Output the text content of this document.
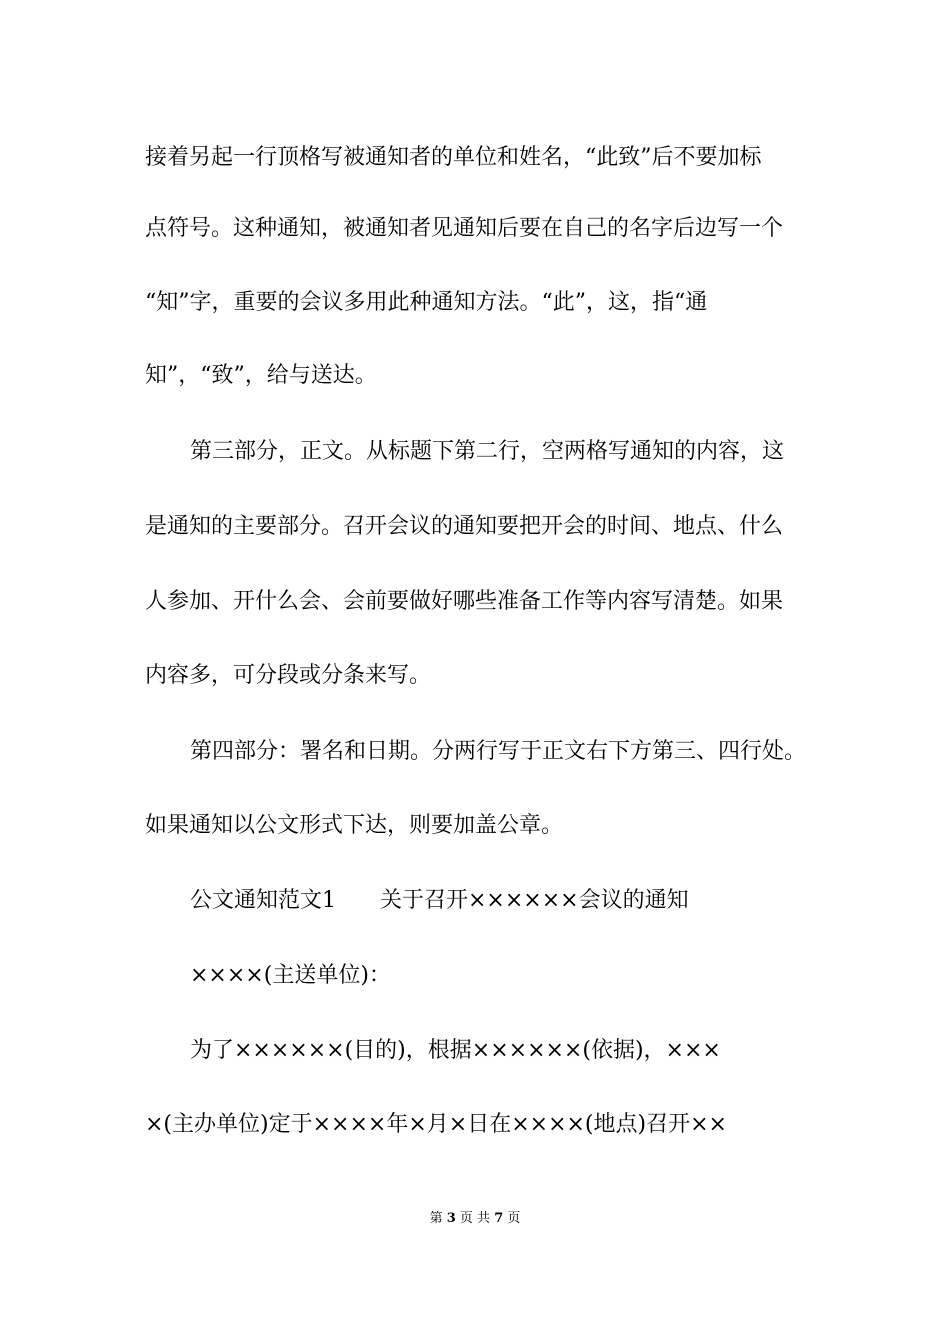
接着另起一行顶格写被通知者的单位和姓名，“此致”后不要加标
点符号。这种通知，被通知者见通知后要在自己的名字后边写一个
“知”字，重要的会议多用此种通知方法。“此”，这，指“通
知”，“致”，给与送达。
第三部分，正文。从标题下第二行，空两格写通知的内容，这
是通知的主要部分。召开会议的通知要把开会的时间、地点、什么
人参加、开什么会、会前要做好哪些准备工作等内容写清楚。如果
内容多，可分段或分条来写。
第四部分：署名和日期。分两行写于正文右下方第三、四行处。
如果通知以公文形式下达，则要加盖公章。
公文通知范文1　　关于召开××××××会议的通知
××××(主送单位)：
为了××××××(目的)，根据××××××(依据)，×××
×(主办单位)定于××××年×月×日在××××(地点)召开××
第 3 页 共 7 页
